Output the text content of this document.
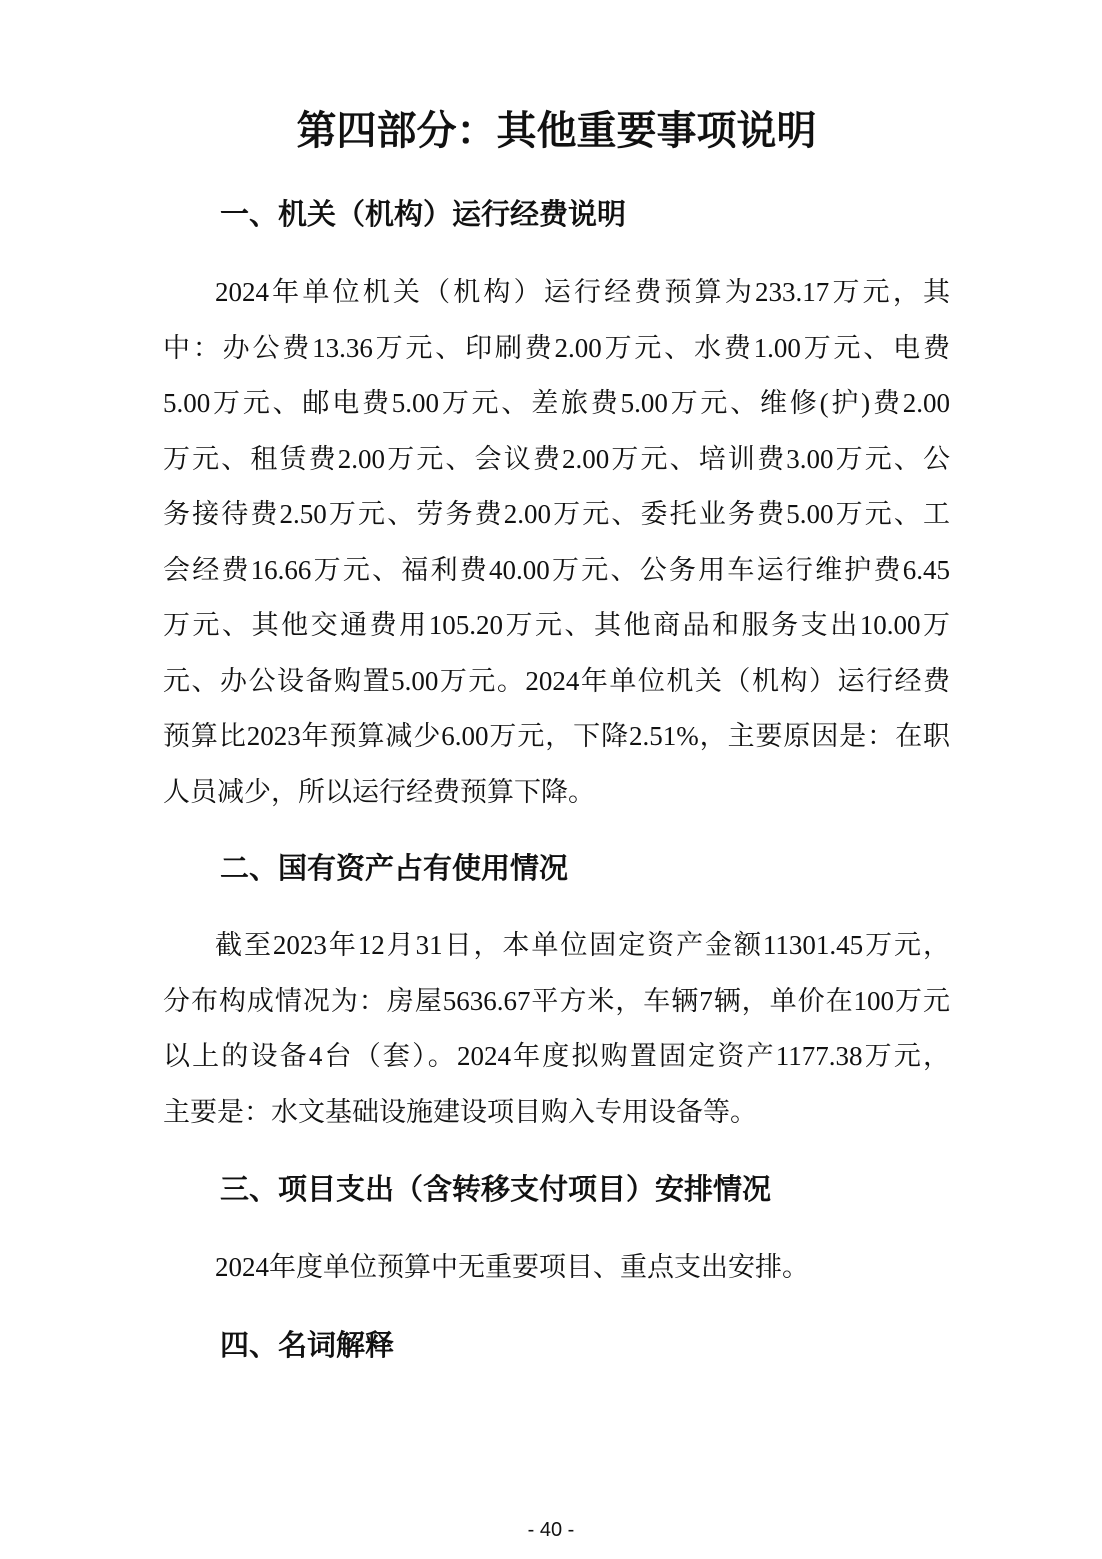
第四部分：其他重要事项说明
一、机关（机构）运行经费说明
2024年单位机关（机构）运行经费预算为233.17万元，其
中：办公费13.36万元、印刷费2.00万元、水费1.00万元、电费
5.00万元、邮电费5.00万元、差旅费5.00万元、维修(护)费2.00
万元、租赁费2.00万元、会议费2.00万元、培训费3.00万元、公
务接待费2.50万元、劳务费2.00万元、委托业务费5.00万元、工
会经费16.66万元、福利费40.00万元、公务用车运行维护费6.45
万元、其他交通费用105.20万元、其他商品和服务支出10.00万
元、办公设备购置5.00万元。2024年单位机关（机构）运行经费
预算比2023年预算减少6.00万元，下降2.51%，主要原因是：在职
人员减少，所以运行经费预算下降。
二、国有资产占有使用情况
截至2023年12月31日，本单位固定资产金额11301.45万元，
分布构成情况为：房屋5636.67平方米，车辆7辆，单价在100万元
以上的设备4台（套）。2024年度拟购置固定资产1177.38万元，
主要是：水文基础设施建设项目购入专用设备等。
三、项目支出（含转移支付项目）安排情况
2024年度单位预算中无重要项目、重点支出安排。
四、名词解释
- 40 -
